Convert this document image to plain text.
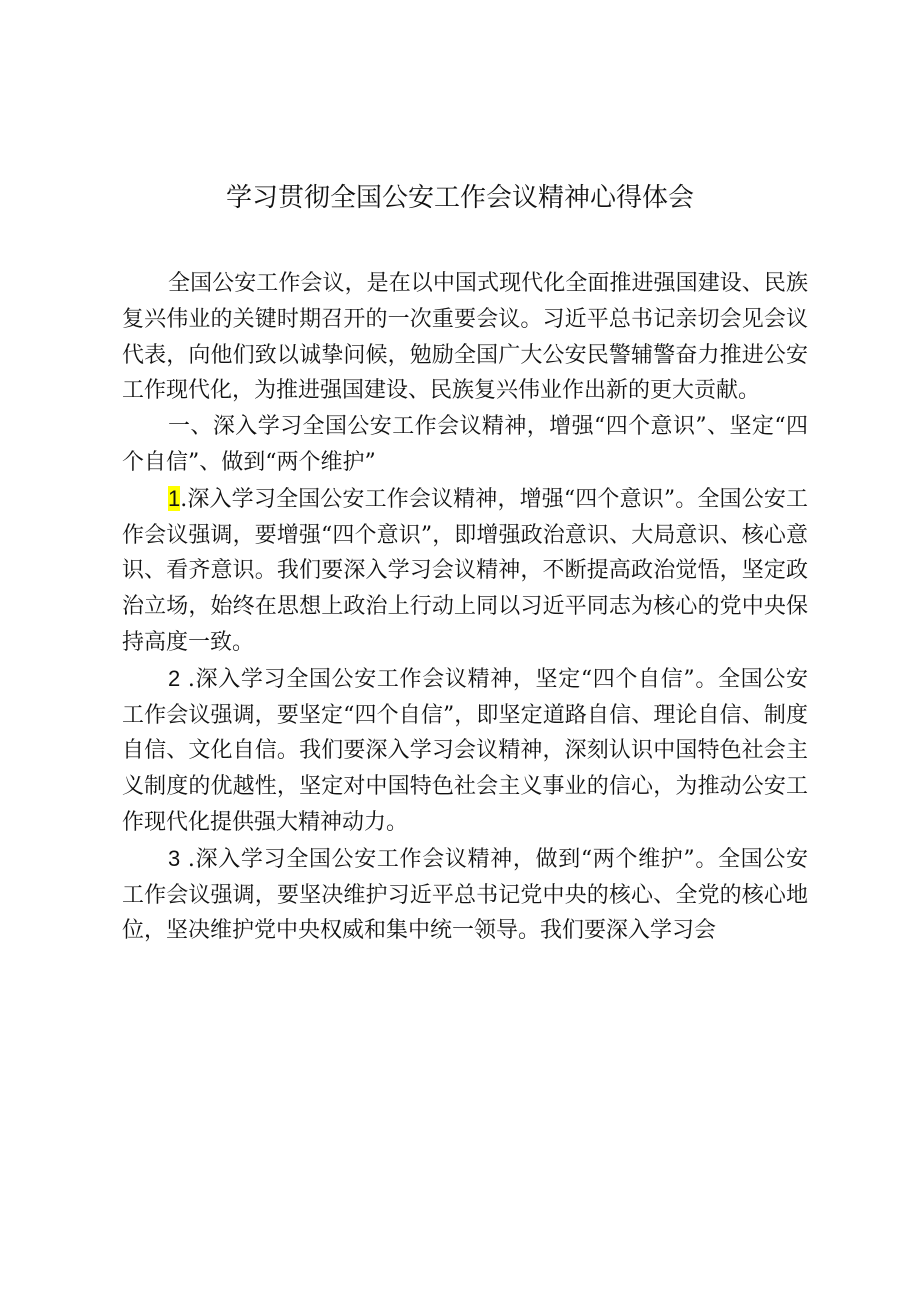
学习贯彻全国公安工作会议精神心得体会

全国公安工作会议，是在以中国式现代化全面推进强国建设、民族复兴伟业的关键时期召开的一次重要会议。习近平总书记亲切会见会议代表，向他们致以诚挚问候，勉励全国广大公安民警辅警奋力推进公安工作现代化，为推进强国建设、民族复兴伟业作出新的更大贡献。

一、深入学习全国公安工作会议精神，增强“四个意识”、坚定“四个自信”、做到“两个维护”

1.深入学习全国公安工作会议精神，增强“四个意识”。全国公安工作会议强调，要增强“四个意识”，即增强政治意识、大局意识、核心意识、看齐意识。我们要深入学习会议精神，不断提高政治觉悟，坚定政治立场，始终在思想上政治上行动上同以习近平同志为核心的党中央保持高度一致。

2 .深入学习全国公安工作会议精神，坚定“四个自信”。全国公安工作会议强调，要坚定“四个自信”，即坚定道路自信、理论自信、制度自信、文化自信。我们要深入学习会议精神，深刻认识中国特色社会主义制度的优越性，坚定对中国特色社会主义事业的信心，为推动公安工作现代化提供强大精神动力。

3 .深入学习全国公安工作会议精神，做到“两个维护”。全国公安工作会议强调，要坚决维护习近平总书记党中央的核心、全党的核心地位，坚决维护党中央权威和集中统一领导。我们要深入学习会
